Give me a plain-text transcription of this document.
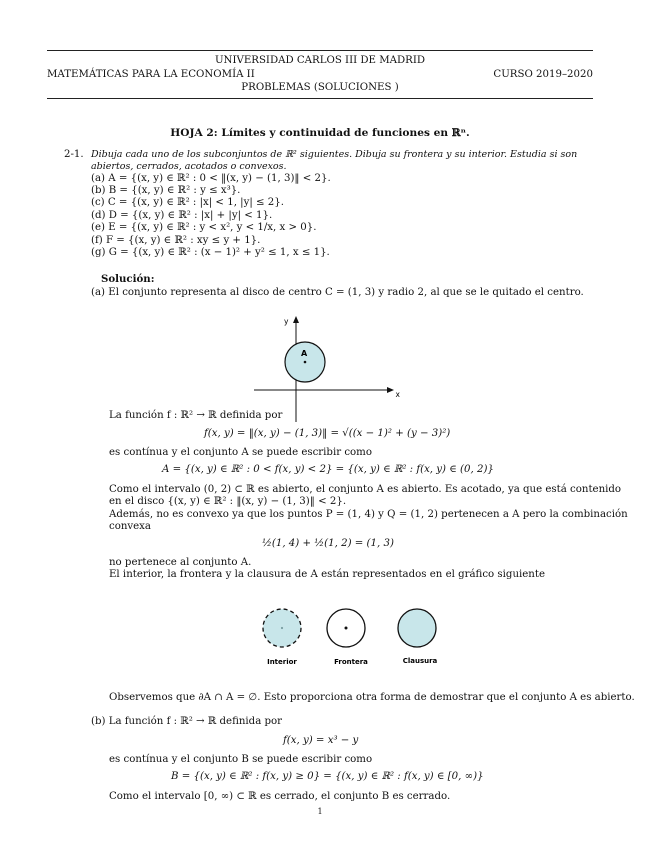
UNIVERSIDAD CARLOS III DE MADRID
MATEMÁTICAS PARA LA ECONOMÍA II	CURSO 2019–2020
PROBLEMAS (SOLUCIONES )
HOJA 2: Límites y continuidad de funciones en ℝⁿ.
2-1. Dibuja cada uno de los subconjuntos de ℝ² siguientes. Dibuja su frontera y su interior. Estudia si son
abiertos, cerrados, acotados o convexos.
(a) A = {(x, y) ∈ ℝ² : 0 < ‖(x, y) − (1, 3)‖ < 2}.
(b) B = {(x, y) ∈ ℝ² : y ≤ x³}.
(c) C = {(x, y) ∈ ℝ² : |x| < 1, |y| ≤ 2}.
(d) D = {(x, y) ∈ ℝ² : |x| + |y| < 1}.
(e) E = {(x, y) ∈ ℝ² : y < x², y < 1/x, x > 0}.
(f) F = {(x, y) ∈ ℝ² : xy ≤ y + 1}.
(g) G = {(x, y) ∈ ℝ² : (x − 1)² + y² ≤ 1, x ≤ 1}.
Solución:
(a) El conjunto representa al disco de centro C = (1, 3) y radio 2, al que se le quitado el centro.
y
x
A
La función f : ℝ² → ℝ definida por
f(x, y) = ‖(x, y) − (1, 3)‖ = √((x − 1)² + (y − 3)²)
es contínua y el conjunto A se puede escribir como
A = {(x, y) ∈ ℝ² : 0 < f(x, y) < 2} = {(x, y) ∈ ℝ² : f(x, y) ∈ (0, 2)}
Como el intervalo (0, 2) ⊂ ℝ es abierto, el conjunto A es abierto. Es acotado, ya que está contenido
en el disco {(x, y) ∈ ℝ² : ‖(x, y) − (1, 3)‖ < 2}.
Además, no es convexo ya que los puntos P = (1, 4) y Q = (1, 2) pertenecen a A pero la combinación
convexa
½(1, 4) + ½(1, 2) = (1, 3)
no pertenece al conjunto A.
El interior, la frontera y la clausura de A están representados en el gráfico siguiente
Interior	Frontera	Clausura
Observemos que ∂A ∩ A = ∅. Esto proporciona otra forma de demostrar que el conjunto A es abierto.
(b) La función f : ℝ² → ℝ definida por
f(x, y) = x³ − y
es contínua y el conjunto B se puede escribir como
B = {(x, y) ∈ ℝ² : f(x, y) ≥ 0} = {(x, y) ∈ ℝ² : f(x, y) ∈ [0, ∞)}
Como el intervalo [0, ∞) ⊂ ℝ es cerrado, el conjunto B es cerrado.
1
